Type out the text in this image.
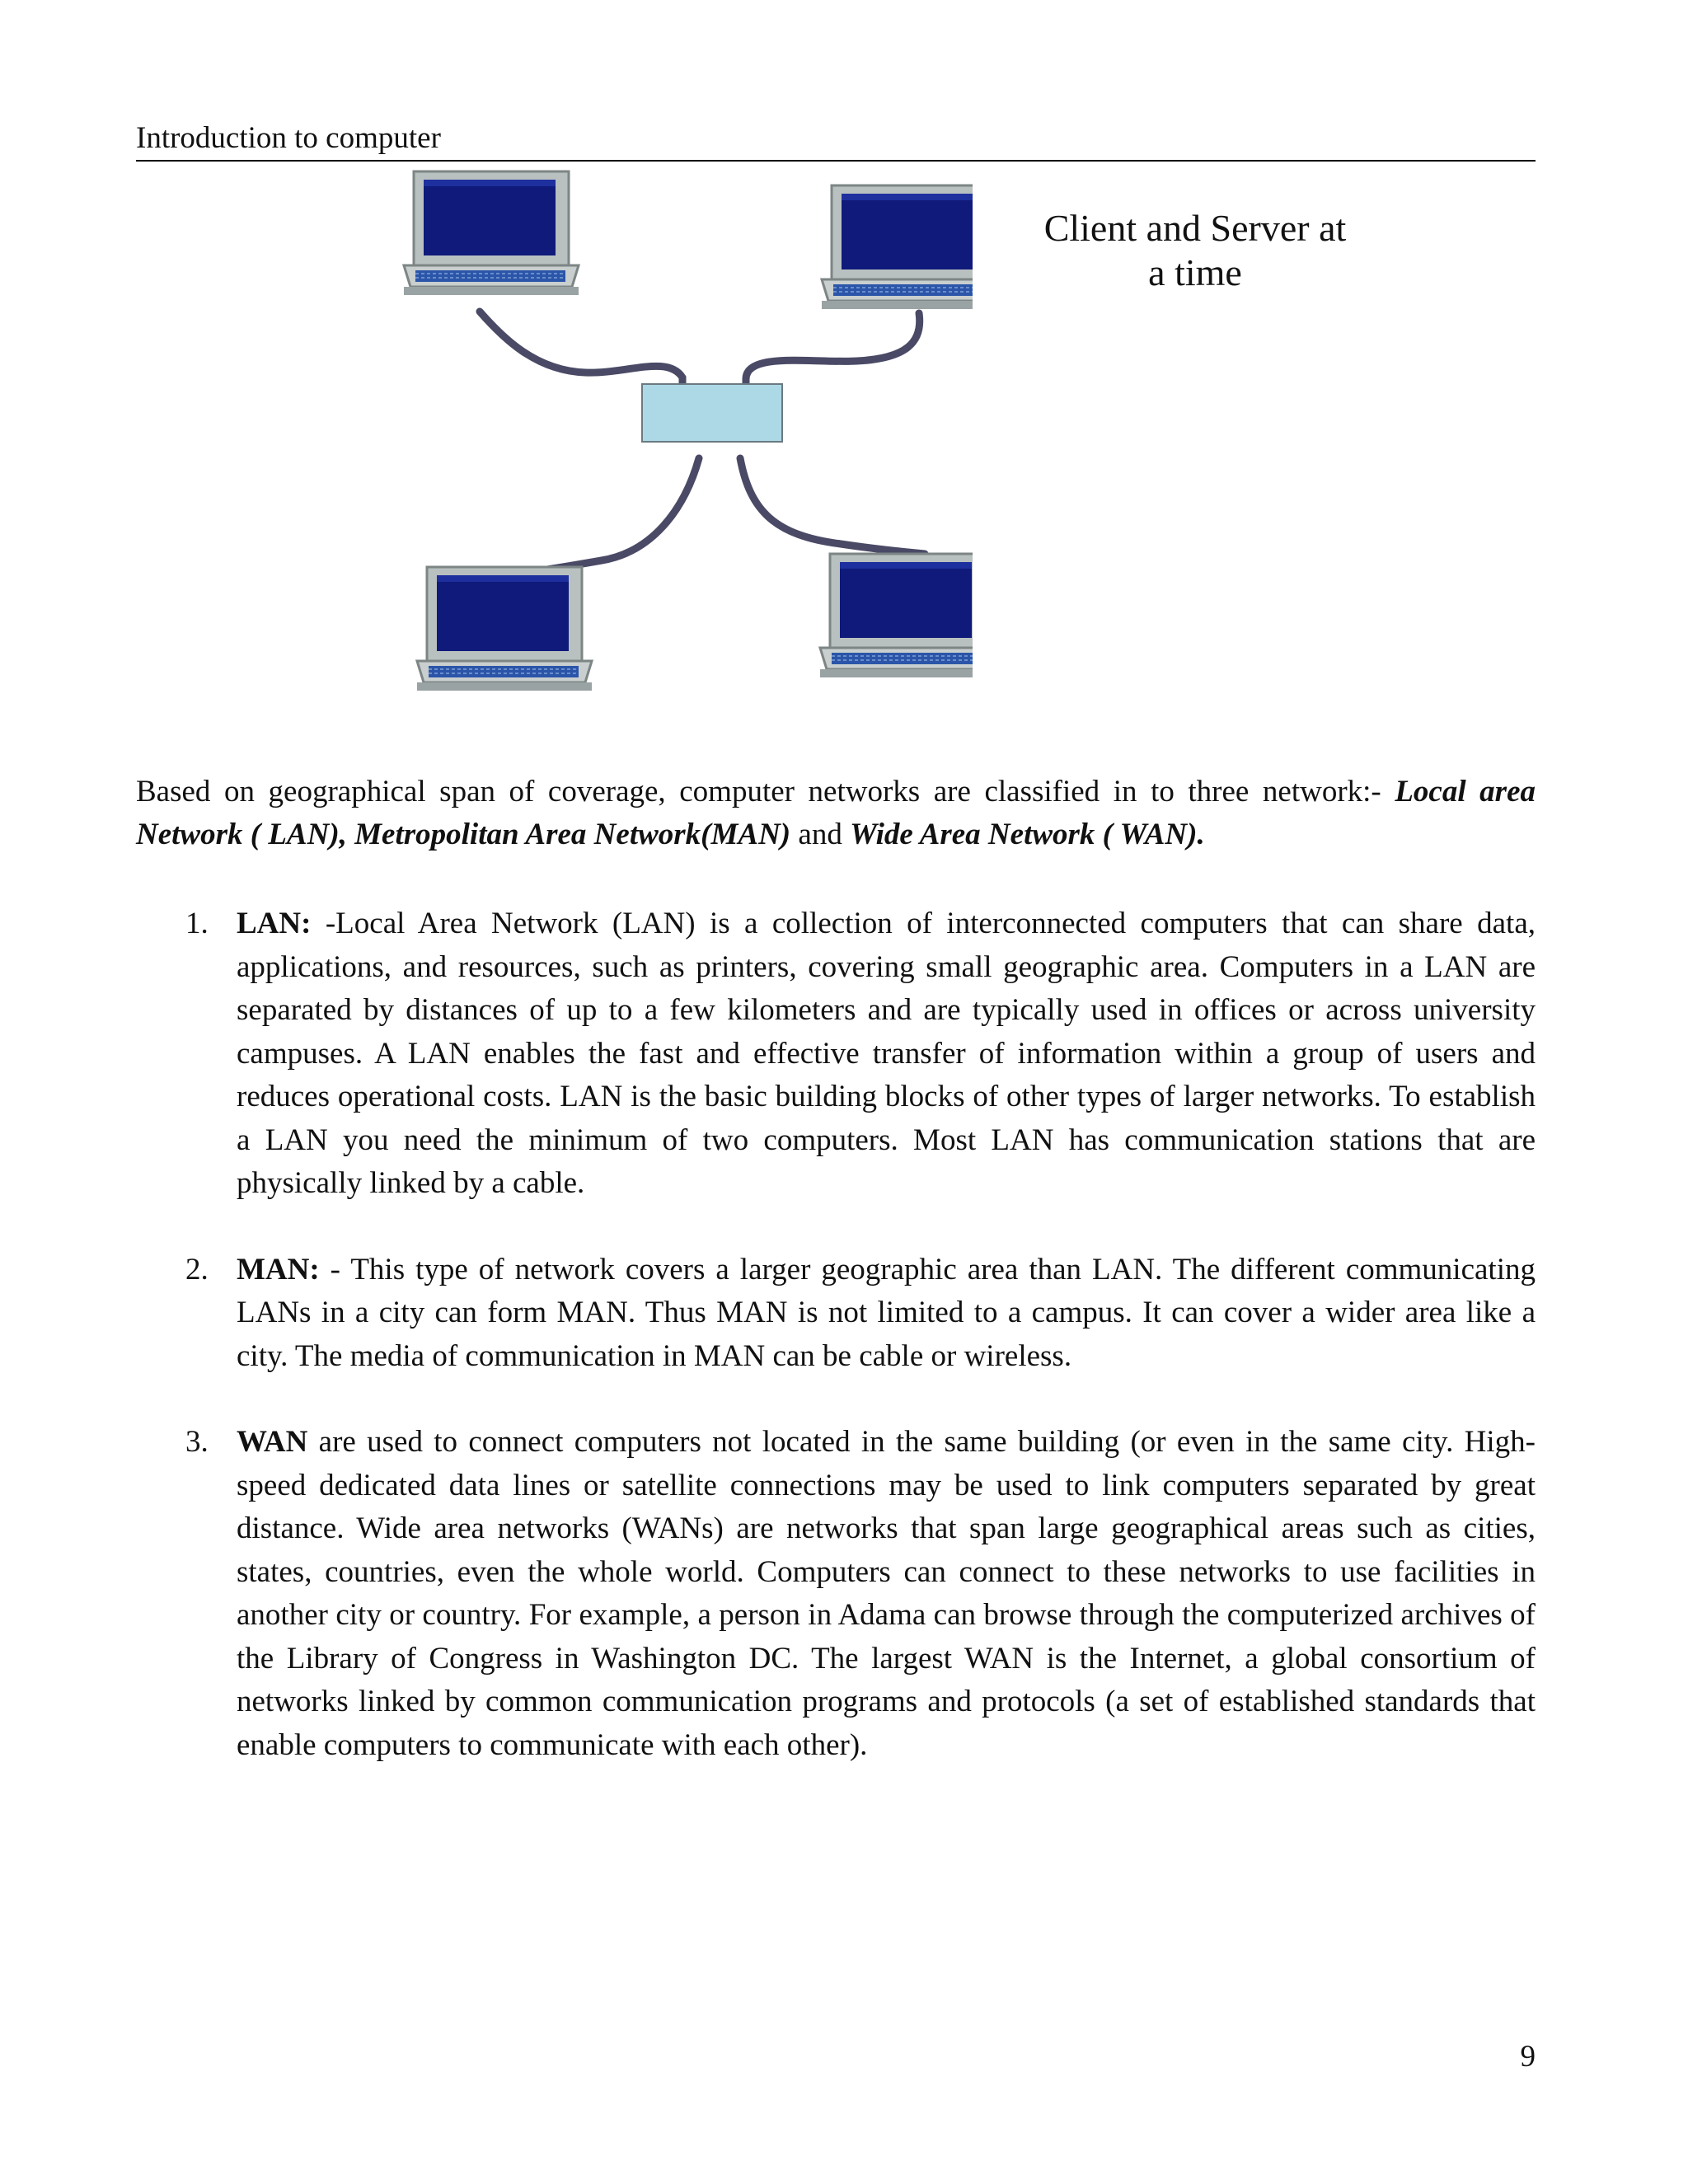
Introduction to computer
Client and Server at
a time

Based on geographical span of coverage, computer networks are classified in to three network:- Local area Network ( LAN), Metropolitan Area Network(MAN) and Wide Area Network ( WAN).

1. LAN: -Local Area Network (LAN) is a collection of interconnected computers that can share data, applications, and resources, such as printers, covering small geographic area. Computers in a LAN are separated by distances of up to a few kilometers and are typically used in offices or across university campuses. A LAN enables the fast and effective transfer of information within a group of users and reduces operational costs. LAN is the basic building blocks of other types of larger networks. To establish a LAN you need the minimum of two computers. Most LAN has communication stations that are physically linked by a cable.
2. MAN: - This type of network covers a larger geographic area than LAN. The different communicating LANs in a city can form MAN. Thus MAN is not limited to a campus. It can cover a wider area like a city. The media of communication in MAN can be cable or wireless.
3. WAN are used to connect computers not located in the same building (or even in the same city. High-speed dedicated data lines or satellite connections may be used to link computers separated by great distance. Wide area networks (WANs) are networks that span large geographical areas such as cities, states, countries, even the whole world. Computers can connect to these networks to use facilities in another city or country. For example, a person in Adama can browse through the computerized archives of the Library of Congress in Washington DC. The largest WAN is the Internet, a global consortium of networks linked by common communication programs and protocols (a set of established standards that enable computers to communicate with each other).
9
